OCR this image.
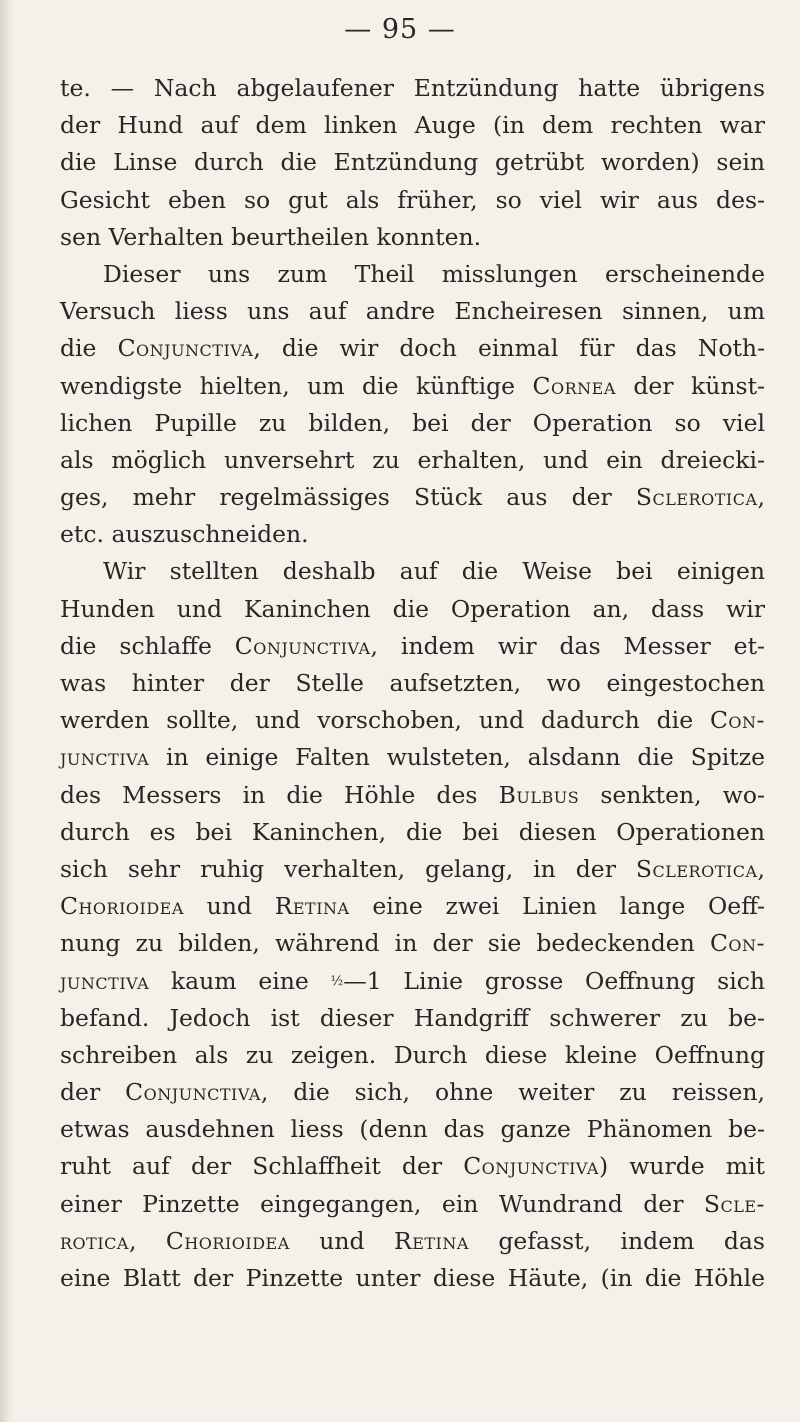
— 95 —
te. — Nach abgelaufener Entzündung hatte übrigens
der Hund auf dem linken Auge (in dem rechten war
die Linse durch die Entzündung getrübt worden) sein
Gesicht eben so gut als früher, so viel wir aus des-
sen Verhalten beurtheilen konnten.
Dieser uns zum Theil misslungen erscheinende
Versuch liess uns auf andre Encheiresen sinnen, um
die Conjunctiva, die wir doch einmal für das Noth-
wendigste hielten, um die künftige Cornea der künst-
lichen Pupille zu bilden, bei der Operation so viel
als möglich unversehrt zu erhalten, und ein dreiecki-
ges, mehr regelmässiges Stück aus der Sclerotica,
etc. auszuschneiden.
Wir stellten deshalb auf die Weise bei einigen
Hunden und Kaninchen die Operation an, dass wir
die schlaffe Conjunctiva, indem wir das Messer et-
was hinter der Stelle aufsetzten, wo eingestochen
werden sollte, und vorschoben, und dadurch die Con-
junctiva in einige Falten wulsteten, alsdann die Spitze
des Messers in die Höhle des Bulbus senkten, wo-
durch es bei Kaninchen, die bei diesen Operationen
sich sehr ruhig verhalten, gelang, in der Sclerotica,
Chorioidea und Retina eine zwei Linien lange Oeff-
nung zu bilden, während in der sie bedeckenden Con-
junctiva kaum eine ½—1 Linie grosse Oeffnung sich
befand. Jedoch ist dieser Handgriff schwerer zu be-
schreiben als zu zeigen. Durch diese kleine Oeffnung
der Conjunctiva, die sich, ohne weiter zu reissen,
etwas ausdehnen liess (denn das ganze Phänomen be-
ruht auf der Schlaffheit der Conjunctiva) wurde mit
einer Pinzette eingegangen, ein Wundrand der Scle-
rotica, Chorioidea und Retina gefasst, indem das
eine Blatt der Pinzette unter diese Häute, (in die Höhle
